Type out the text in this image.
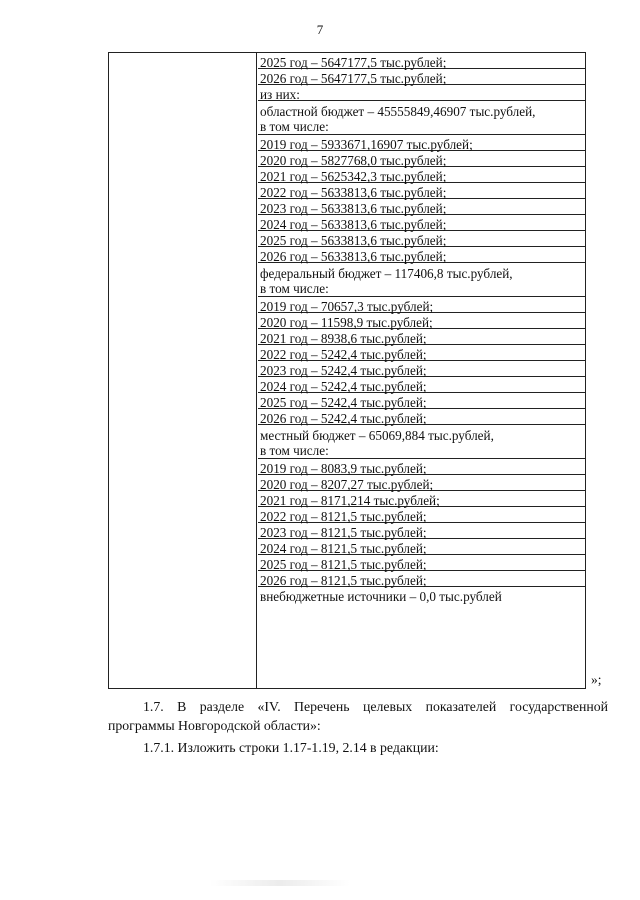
7
2025 год – 5647177,5 тыс.рублей;
2026 год – 5647177,5 тыс.рублей;
из них:
областной бюджет – 45555849,46907 тыс.рублей,
в том числе:
2019 год – 5933671,16907 тыс.рублей;
2020 год – 5827768,0 тыс.рублей;
2021 год – 5625342,3 тыс.рублей;
2022 год – 5633813,6 тыс.рублей;
2023 год – 5633813,6 тыс.рублей;
2024 год – 5633813,6 тыс.рублей;
2025 год – 5633813,6 тыс.рублей;
2026 год – 5633813,6 тыс.рублей;
федеральный бюджет – 117406,8 тыс.рублей,
в том числе:
2019 год – 70657,3 тыс.рублей;
2020 год – 11598,9 тыс.рублей;
2021 год – 8938,6 тыс.рублей;
2022 год – 5242,4 тыс.рублей;
2023 год – 5242,4 тыс.рублей;
2024 год – 5242,4 тыс.рублей;
2025 год – 5242,4 тыс.рублей;
2026 год – 5242,4 тыс.рублей;
местный бюджет – 65069,884 тыс.рублей,
в том числе:
2019 год – 8083,9 тыс.рублей;
2020 год – 8207,27 тыс.рублей;
2021 год – 8171,214 тыс.рублей;
2022 год – 8121,5 тыс.рублей;
2023 год – 8121,5 тыс.рублей;
2024 год – 8121,5 тыс.рублей;
2025 год – 8121,5 тыс.рублей;
2026 год – 8121,5 тыс.рублей;
внебюджетные источники – 0,0 тыс.рублей
»;
1.7. В разделе «IV. Перечень целевых показателей государственной программы Новгородской области»:
1.7.1. Изложить строки 1.17-1.19, 2.14 в редакции:
